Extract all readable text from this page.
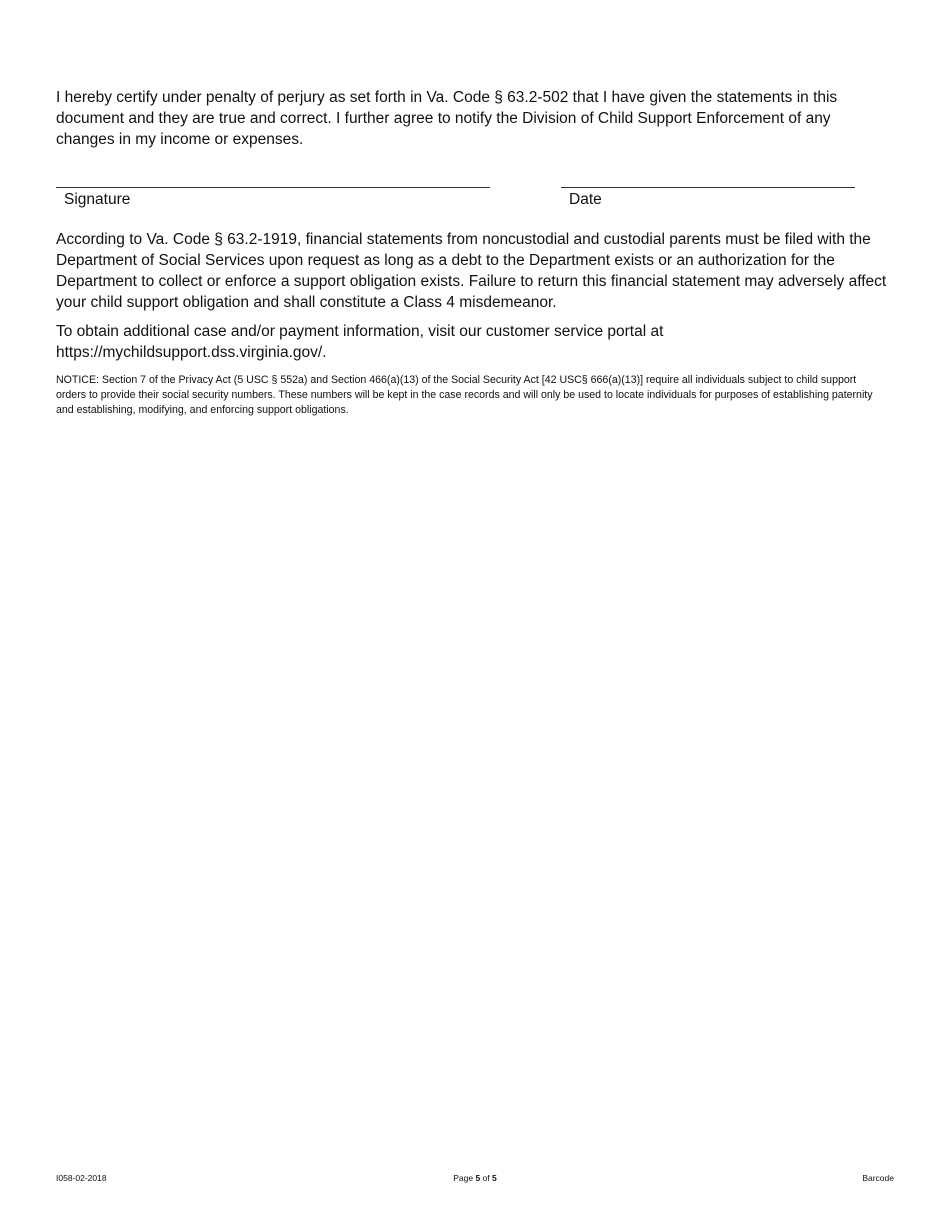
I hereby certify under penalty of perjury as set forth in Va. Code § 63.2-502 that I have given the statements in this document and they are true and correct. I further agree to notify the Division of Child Support Enforcement of any changes in my income or expenses.

Signature	Date

According to Va. Code § 63.2-1919, financial statements from noncustodial and custodial parents must be filed with the Department of Social Services upon request as long as a debt to the Department exists or an authorization for the Department to collect or enforce a support obligation exists. Failure to return this financial statement may adversely affect your child support obligation and shall constitute a Class 4 misdemeanor.

To obtain additional case and/or payment information, visit our customer service portal at https://mychildsupport.dss.virginia.gov/.

NOTICE: Section 7 of the Privacy Act (5 USC § 552a) and Section 466(a)(13) of the Social Security Act [42 USC§ 666(a)(13)] require all individuals subject to child support orders to provide their social security numbers. These numbers will be kept in the case records and will only be used to locate individuals for purposes of establishing paternity and establishing, modifying, and enforcing support obligations.

I058-02-2018	Page 5 of 5	Barcode
